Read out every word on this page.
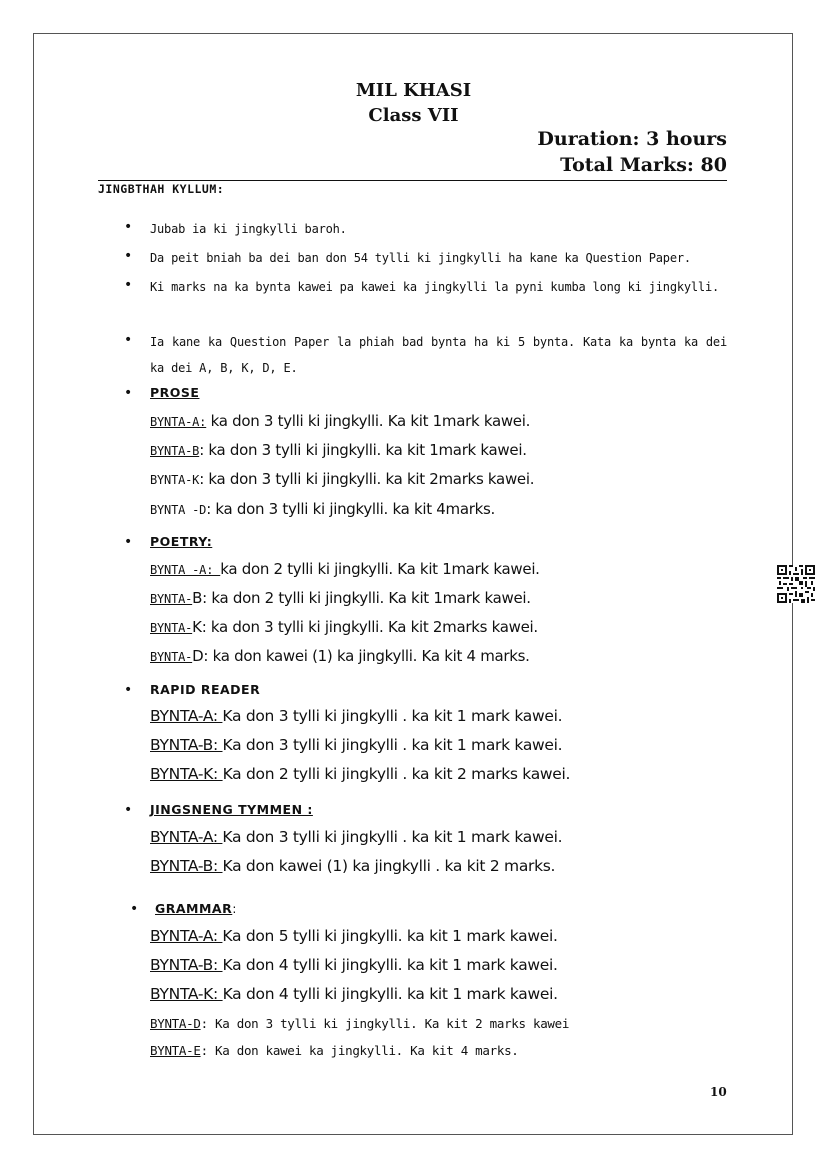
MIL KHASI
Class VII
Duration: 3 hours
Total Marks: 80
JINGBTHAH KYLLUM:
• Jubab ia ki jingkylli baroh.
• Da peit bniah ba dei ban don 54 tylli ki jingkylli ha kane ka Question Paper.
• Ki marks na ka bynta kawei pa kawei ka jingkylli la pyni kumba long ki jingkylli.
• Ia kane ka Question Paper la phiah bad bynta ha ki 5 bynta. Kata ka bynta ka dei ka dei A, B, K, D, E.
• PROSE
BYNTA-A: ka don 3 tylli ki jingkylli. Ka kit 1mark kawei.
BYNTA-B: ka don 3 tylli ki jingkylli. ka kit 1mark kawei.
BYNTA-K: ka don 3 tylli ki jingkylli. ka kit 2marks kawei.
BYNTA -D: ka don 3 tylli ki jingkylli. ka kit 4marks.
• POETRY:
BYNTA -A: ka don 2 tylli ki jingkylli. Ka kit 1mark kawei.
BYNTA-B: ka don 2 tylli ki jingkylli. Ka kit 1mark kawei.
BYNTA-K: ka don 3 tylli ki jingkylli. Ka kit 2marks kawei.
BYNTA-D: ka don kawei (1) ka jingkylli. Ka kit 4 marks.
• RAPID READER
BYNTA-A: Ka don 3 tylli ki jingkylli . ka kit 1 mark kawei.
BYNTA-B: Ka don 3 tylli ki jingkylli . ka kit 1 mark kawei.
BYNTA-K: Ka don 2 tylli ki jingkylli . ka kit 2 marks kawei.
• JINGSNENG TYMMEN :
BYNTA-A: Ka don 3 tylli ki jingkylli . ka kit 1 mark kawei.
BYNTA-B: Ka don kawei (1) ka jingkylli . ka kit 2 marks.
• GRAMMAR:
BYNTA-A: Ka don 5 tylli ki jingkylli. ka kit 1 mark kawei.
BYNTA-B: Ka don 4 tylli ki jingkylli. ka kit 1 mark kawei.
BYNTA-K: Ka don 4 tylli ki jingkylli. ka kit 1 mark kawei.
BYNTA-D: Ka don 3 tylli ki jingkylli. Ka kit 2 marks kawei
BYNTA-E: Ka don kawei ka jingkylli. Ka kit 4 marks.
10
